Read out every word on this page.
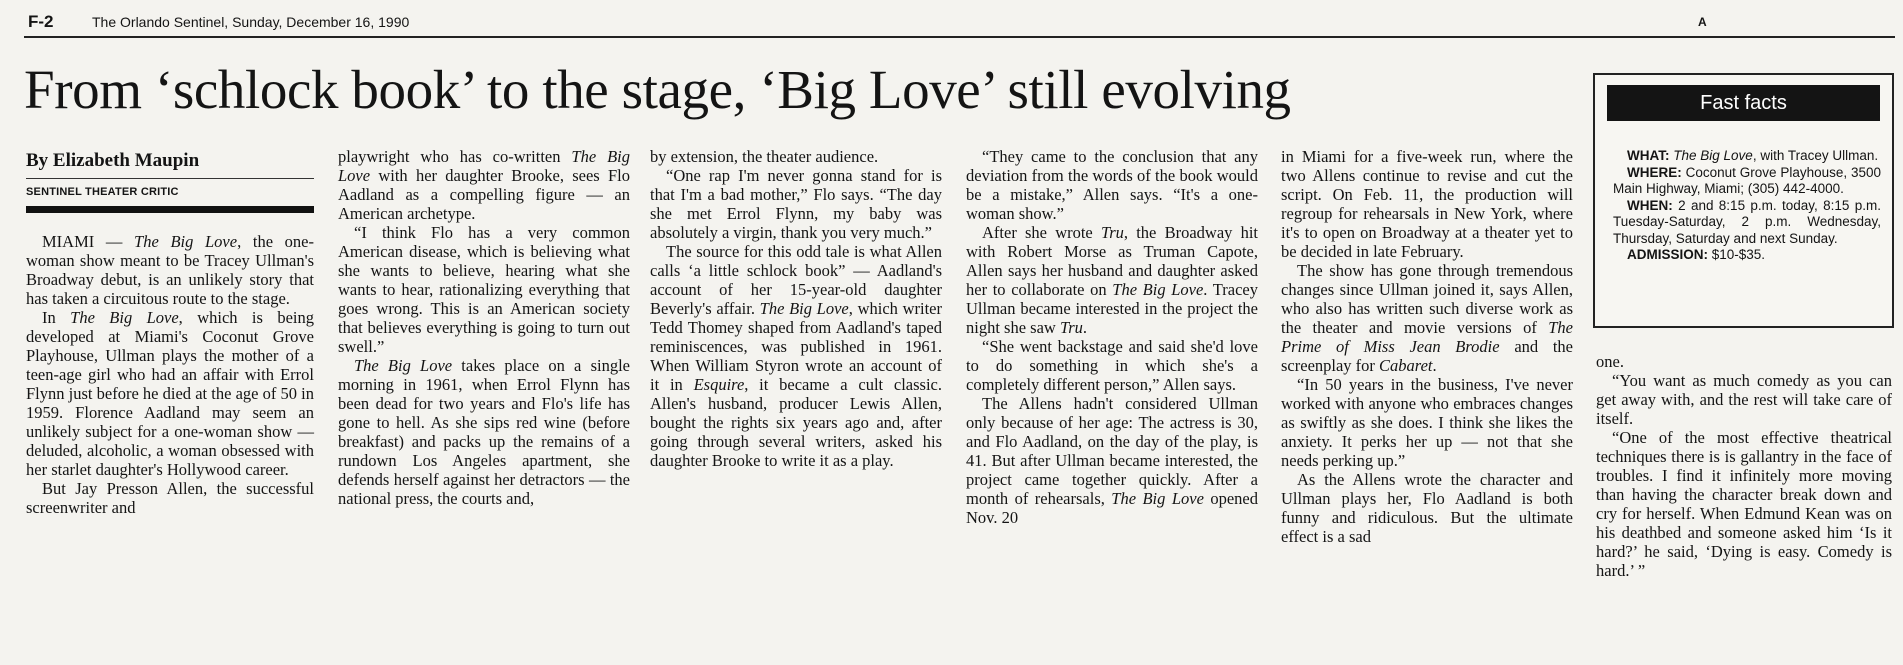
F-2	The Orlando Sentinel, Sunday, December 16, 1990	A
From ‘schlock book’ to the stage, ‘Big Love’ still evolving
By Elizabeth Maupin
SENTINEL THEATER CRITIC

MIAMI — The Big Love, the one-woman show meant to be Tracey Ullman's Broadway debut, is an unlikely story that has taken a circuitous route to the stage.

In The Big Love, which is being developed at Miami's Coconut Grove Playhouse, Ullman plays the mother of a teen-age girl who had an affair with Errol Flynn just before he died at the age of 50 in 1959. Florence Aadland may seem an unlikely subject for a one-woman show — deluded, alcoholic, a woman obsessed with her starlet daughter's Hollywood career.

But Jay Presson Allen, the successful screenwriter and

playwright who has co-written The Big Love with her daughter Brooke, sees Flo Aadland as a compelling figure — an American archetype.

“I think Flo has a very common American disease, which is believing what she wants to believe, hearing what she wants to hear, rationalizing everything that goes wrong. This is an American society that believes everything is going to turn out swell.”

The Big Love takes place on a single morning in 1961, when Errol Flynn has been dead for two years and Flo's life has gone to hell. As she sips red wine (before breakfast) and packs up the remains of a rundown Los Angeles apartment, she defends herself against her detractors — the national press, the courts and,

by extension, the theater audience.

“One rap I'm never gonna stand for is that I'm a bad mother,” Flo says. “The day she met Errol Flynn, my baby was absolutely a virgin, thank you very much.”

The source for this odd tale is what Allen calls ‘a little schlock book” — Aadland's account of her 15-year-old daughter Beverly's affair. The Big Love, which writer Tedd Thomey shaped from Aadland's taped reminiscences, was published in 1961. When William Styron wrote an account of it in Esquire, it became a cult classic. Allen's husband, producer Lewis Allen, bought the rights six years ago and, after going through several writers, asked his daughter Brooke to write it as a play.

“They came to the conclusion that any deviation from the words of the book would be a mistake,” Allen says. “It's a one-woman show.”

After she wrote Tru, the Broadway hit with Robert Morse as Truman Capote, Allen says her husband and daughter asked her to collaborate on The Big Love. Tracey Ullman became interested in the project the night she saw Tru.

“She went backstage and said she'd love to do something in which she's a completely different person,” Allen says.

The Allens hadn't considered Ullman only because of her age: The actress is 30, and Flo Aadland, on the day of the play, is 41. But after Ullman became interested, the project came together quickly. After a month of rehearsals, The Big Love opened Nov. 20

in Miami for a five-week run, where the two Allens continue to revise and cut the script. On Feb. 11, the production will regroup for rehearsals in New York, where it's to open on Broadway at a theater yet to be decided in late February.

The show has gone through tremendous changes since Ullman joined it, says Allen, who also has written such diverse work as the theater and movie versions of The Prime of Miss Jean Brodie and the screenplay for Cabaret.

“In 50 years in the business, I've never worked with anyone who embraces changes as swiftly as she does. I think she likes the anxiety. It perks her up — not that she needs perking up.”

As the Allens wrote the character and Ullman plays her, Flo Aadland is both funny and ridiculous. But the ultimate effect is a sad

Fast facts

WHAT: The Big Love, with Tracey Ullman.

WHERE: Coconut Grove Playhouse, 3500 Main Highway, Miami; (305) 442-4000.

WHEN: 2 and 8:15 p.m. today, 8:15 p.m. Tuesday-Saturday, 2 p.m. Wednesday, Thursday, Saturday and next Sunday.

ADMISSION: $10-$35.

one.

“You want as much comedy as you can get away with, and the rest will take care of itself.

“One of the most effective theatrical techniques there is is gallantry in the face of troubles. I find it infinitely more moving than having the character break down and cry for herself. When Edmund Kean was on his deathbed and someone asked him ‘Is it hard?’ he said, ‘Dying is easy. Comedy is hard.’ ”
